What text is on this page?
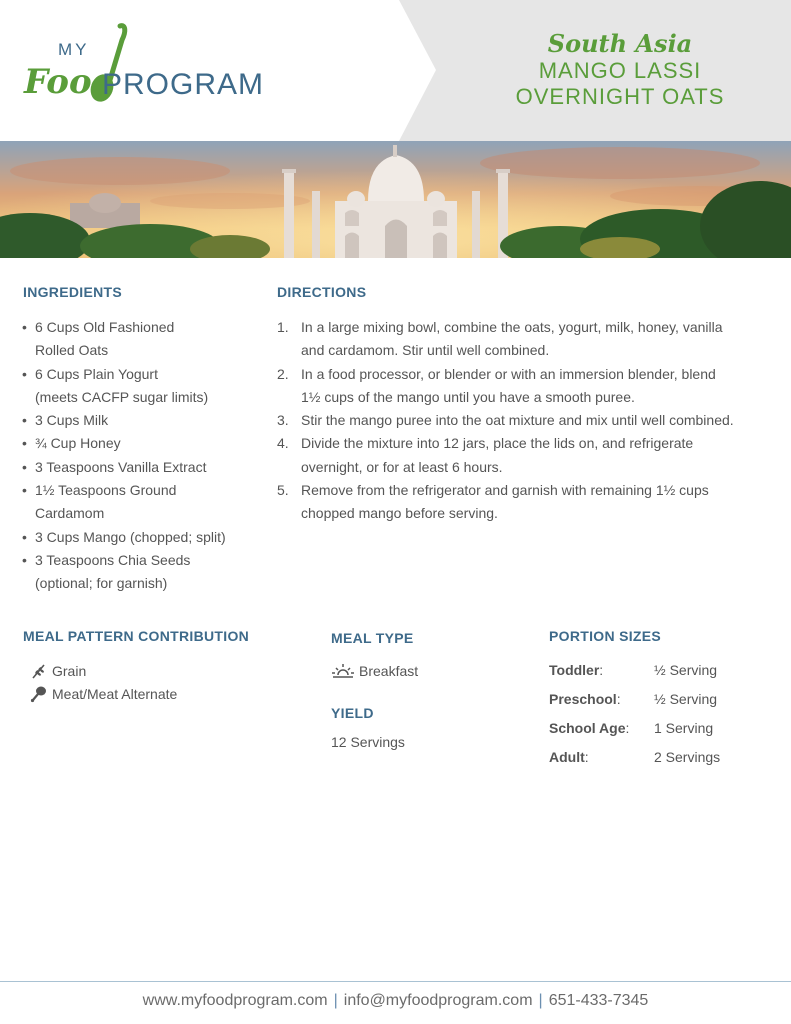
MY
Foo PROGRAM
South Asia
MANGO LASSI
OVERNIGHT OATS
INGREDIENTS
• 6 Cups Old Fashioned
Rolled Oats
• 6 Cups Plain Yogurt
(meets CACFP sugar limits)
• 3 Cups Milk
• ¾ Cup Honey
• 3 Teaspoons Vanilla Extract
• 1½ Teaspoons Ground
Cardamom
• 3 Cups Mango (chopped; split)
• 3 Teaspoons Chia Seeds
(optional; for garnish)
DIRECTIONS
1. In a large mixing bowl, combine the oats, yogurt, milk, honey, vanilla
and cardamom. Stir until well combined.
2. In a food processor, or blender or with an immersion blender, blend
1½ cups of the mango until you have a smooth puree.
3. Stir the mango puree into the oat mixture and mix until well combined.
4. Divide the mixture into 12 jars, place the lids on, and refrigerate
overnight, or for at least 6 hours.
5. Remove from the refrigerator and garnish with remaining 1½ cups
chopped mango before serving.
MEAL PATTERN CONTRIBUTION
Grain
Meat/Meat Alternate
MEAL TYPE
Breakfast
YIELD
12 Servings
PORTION SIZES
Toddler:	½ Serving
Preschool: ½ Serving
School Age: 1 Serving
Adult:	2 Servings
www.myfoodprogram.com | info@myfoodprogram.com | 651-433-7345
